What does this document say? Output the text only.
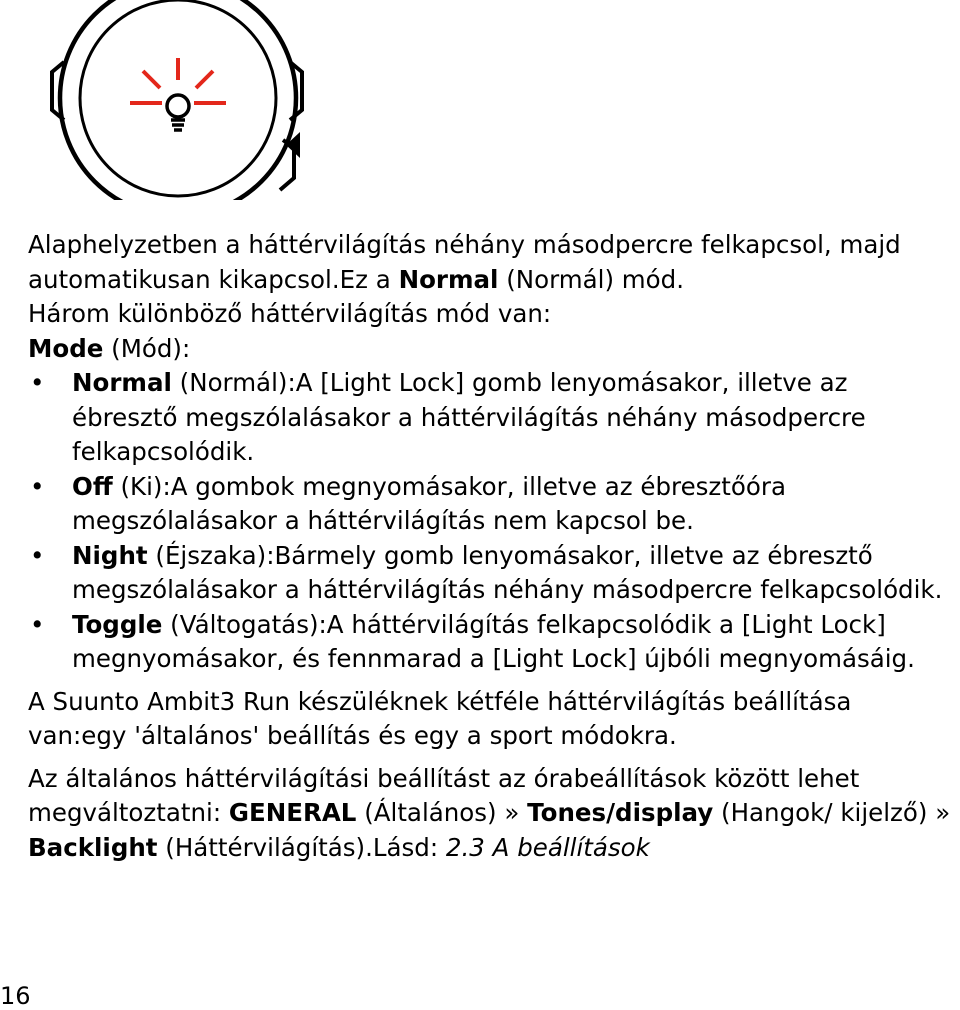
Alaphelyzetben a háttérvilágítás néhány másodpercre felkapcsol, majd automatikusan kikapcsol.Ez a Normal (Normál) mód.

Három különböző háttérvilágítás mód van:

Mode (Mód):

• Normal (Normál):A [Light Lock] gomb lenyomásakor, illetve az ébresztő megszólalásakor a háttérvilágítás néhány másodpercre felkapcsolódik.
• Off (Ki):A gombok megnyomásakor, illetve az ébresztőóra megszólalásakor a háttérvilágítás nem kapcsol be.
• Night (Éjszaka):Bármely gomb lenyomásakor, illetve az ébresztő megszólalásakor a háttérvilágítás néhány másodpercre felkapcsolódik.
• Toggle (Váltogatás):A háttérvilágítás felkapcsolódik a [Light Lock] megnyomásakor, és fennmarad a [Light Lock] újbóli megnyomásáig.

A Suunto Ambit3 Run készüléknek kétféle háttérvilágítás beállítása van:egy 'általános' beállítás és egy a sport módokra.

Az általános háttérvilágítási beállítást az órabeállítások között lehet megváltoztatni: GENERAL (Általános) » Tones/display (Hangok/ kijelző) » Backlight (Háttérvilágítás).Lásd: 2.3 A beállítások

16
